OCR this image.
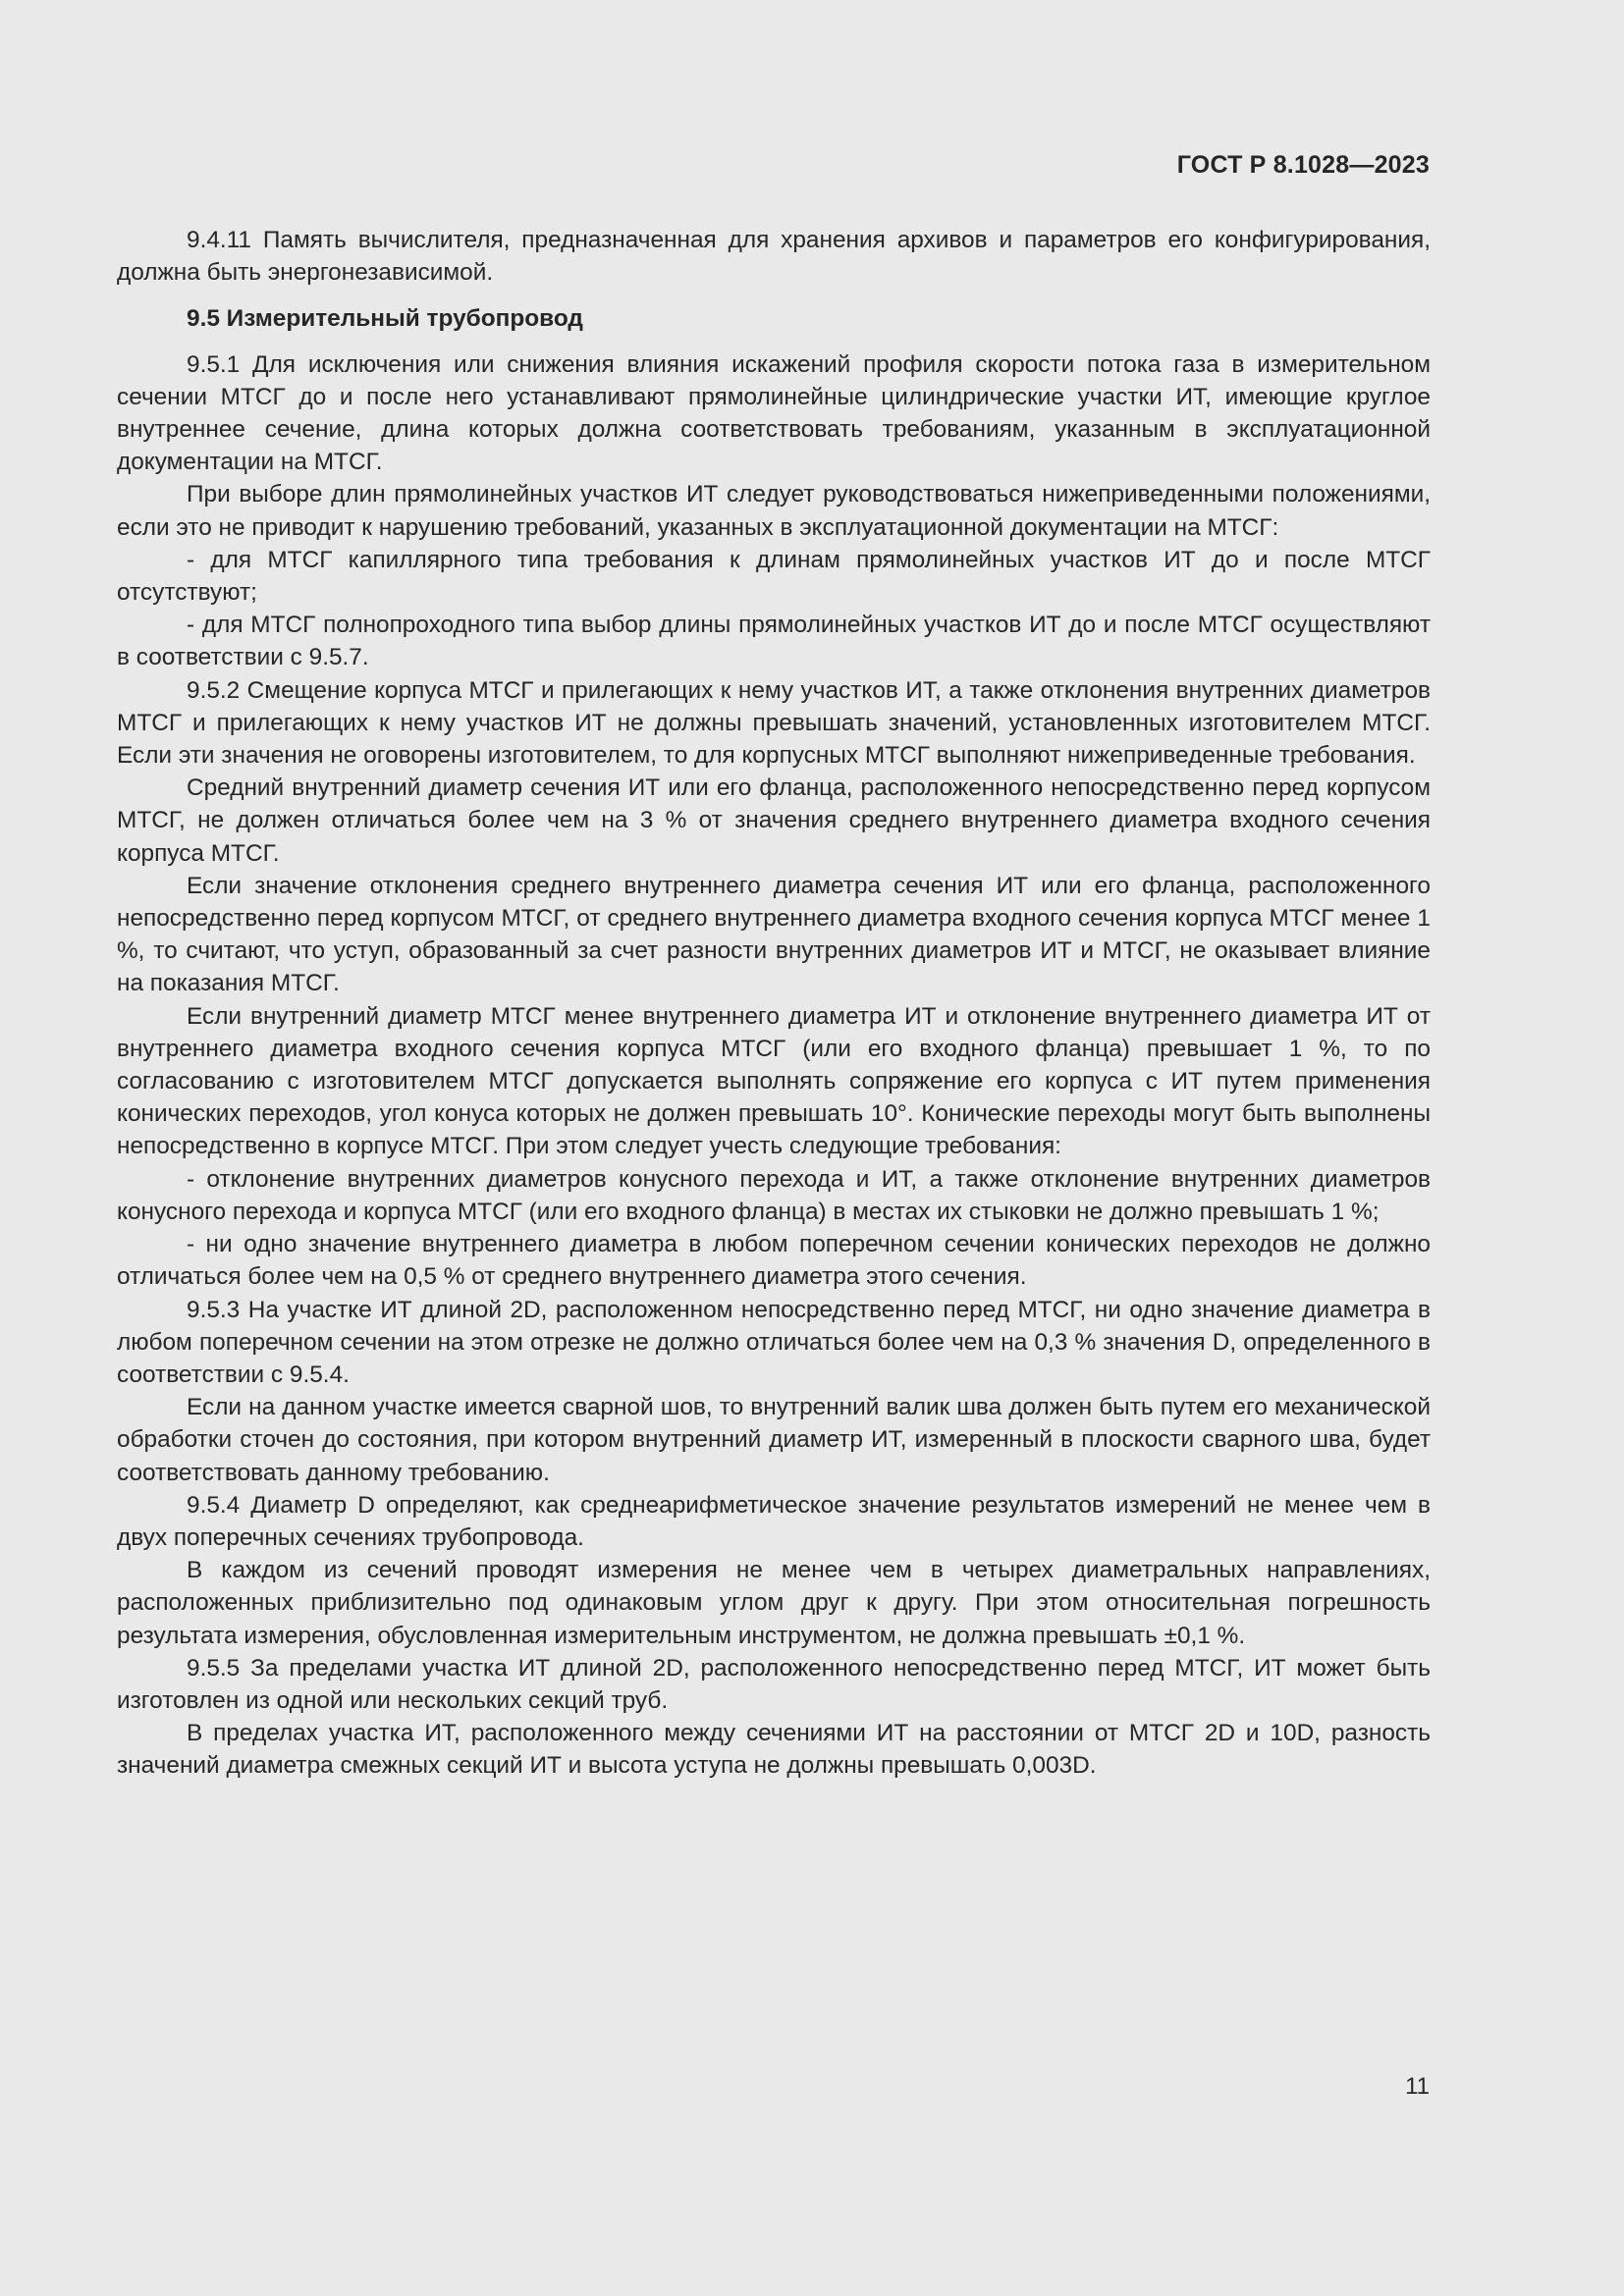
ГОСТ Р 8.1028—2023

9.4.11 Память вычислителя, предназначенная для хранения архивов и параметров его конфигурирования, должна быть энергонезависимой.

9.5 Измерительный трубопровод

9.5.1 Для исключения или снижения влияния искажений профиля скорости потока газа в измерительном сечении МТСГ до и после него устанавливают прямолинейные цилиндрические участки ИТ, имеющие круглое внутреннее сечение, длина которых должна соответствовать требованиям, указанным в эксплуатационной документации на МТСГ.

При выборе длин прямолинейных участков ИТ следует руководствоваться нижеприведенными положениями, если это не приводит к нарушению требований, указанных в эксплуатационной документации на МТСГ:

- для МТСГ капиллярного типа требования к длинам прямолинейных участков ИТ до и после МТСГ отсутствуют;

- для МТСГ полнопроходного типа выбор длины прямолинейных участков ИТ до и после МТСГ осуществляют в соответствии с 9.5.7.

9.5.2 Смещение корпуса МТСГ и прилегающих к нему участков ИТ, а также отклонения внутренних диаметров МТСГ и прилегающих к нему участков ИТ не должны превышать значений, установленных изготовителем МТСГ. Если эти значения не оговорены изготовителем, то для корпусных МТСГ выполняют нижеприведенные требования.

Средний внутренний диаметр сечения ИТ или его фланца, расположенного непосредственно перед корпусом МТСГ, не должен отличаться более чем на 3 % от значения среднего внутреннего диаметра входного сечения корпуса МТСГ.

Если значение отклонения среднего внутреннего диаметра сечения ИТ или его фланца, расположенного непосредственно перед корпусом МТСГ, от среднего внутреннего диаметра входного сечения корпуса МТСГ менее 1 %, то считают, что уступ, образованный за счет разности внутренних диаметров ИТ и МТСГ, не оказывает влияние на показания МТСГ.

Если внутренний диаметр МТСГ менее внутреннего диаметра ИТ и отклонение внутреннего диаметра ИТ от внутреннего диаметра входного сечения корпуса МТСГ (или его входного фланца) превышает 1 %, то по согласованию с изготовителем МТСГ допускается выполнять сопряжение его корпуса с ИТ путем применения конических переходов, угол конуса которых не должен превышать 10°. Конические переходы могут быть выполнены непосредственно в корпусе МТСГ. При этом следует учесть следующие требования:

- отклонение внутренних диаметров конусного перехода и ИТ, а также отклонение внутренних диаметров конусного перехода и корпуса МТСГ (или его входного фланца) в местах их стыковки не должно превышать 1 %;

- ни одно значение внутреннего диаметра в любом поперечном сечении конических переходов не должно отличаться более чем на 0,5 % от среднего внутреннего диаметра этого сечения.

9.5.3 На участке ИТ длиной 2D, расположенном непосредственно перед МТСГ, ни одно значение диаметра в любом поперечном сечении на этом отрезке не должно отличаться более чем на 0,3 % значения D, определенного в соответствии с 9.5.4.

Если на данном участке имеется сварной шов, то внутренний валик шва должен быть путем его механической обработки сточен до состояния, при котором внутренний диаметр ИТ, измеренный в плоскости сварного шва, будет соответствовать данному требованию.

9.5.4 Диаметр D определяют, как среднеарифметическое значение результатов измерений не менее чем в двух поперечных сечениях трубопровода.

В каждом из сечений проводят измерения не менее чем в четырех диаметральных направлениях, расположенных приблизительно под одинаковым углом друг к другу. При этом относительная погрешность результата измерения, обусловленная измерительным инструментом, не должна превышать ±0,1 %.

9.5.5 За пределами участка ИТ длиной 2D, расположенного непосредственно перед МТСГ, ИТ может быть изготовлен из одной или нескольких секций труб.

В пределах участка ИТ, расположенного между сечениями ИТ на расстоянии от МТСГ 2D и 10D, разность значений диаметра смежных секций ИТ и высота уступа не должны превышать 0,003D.

11
